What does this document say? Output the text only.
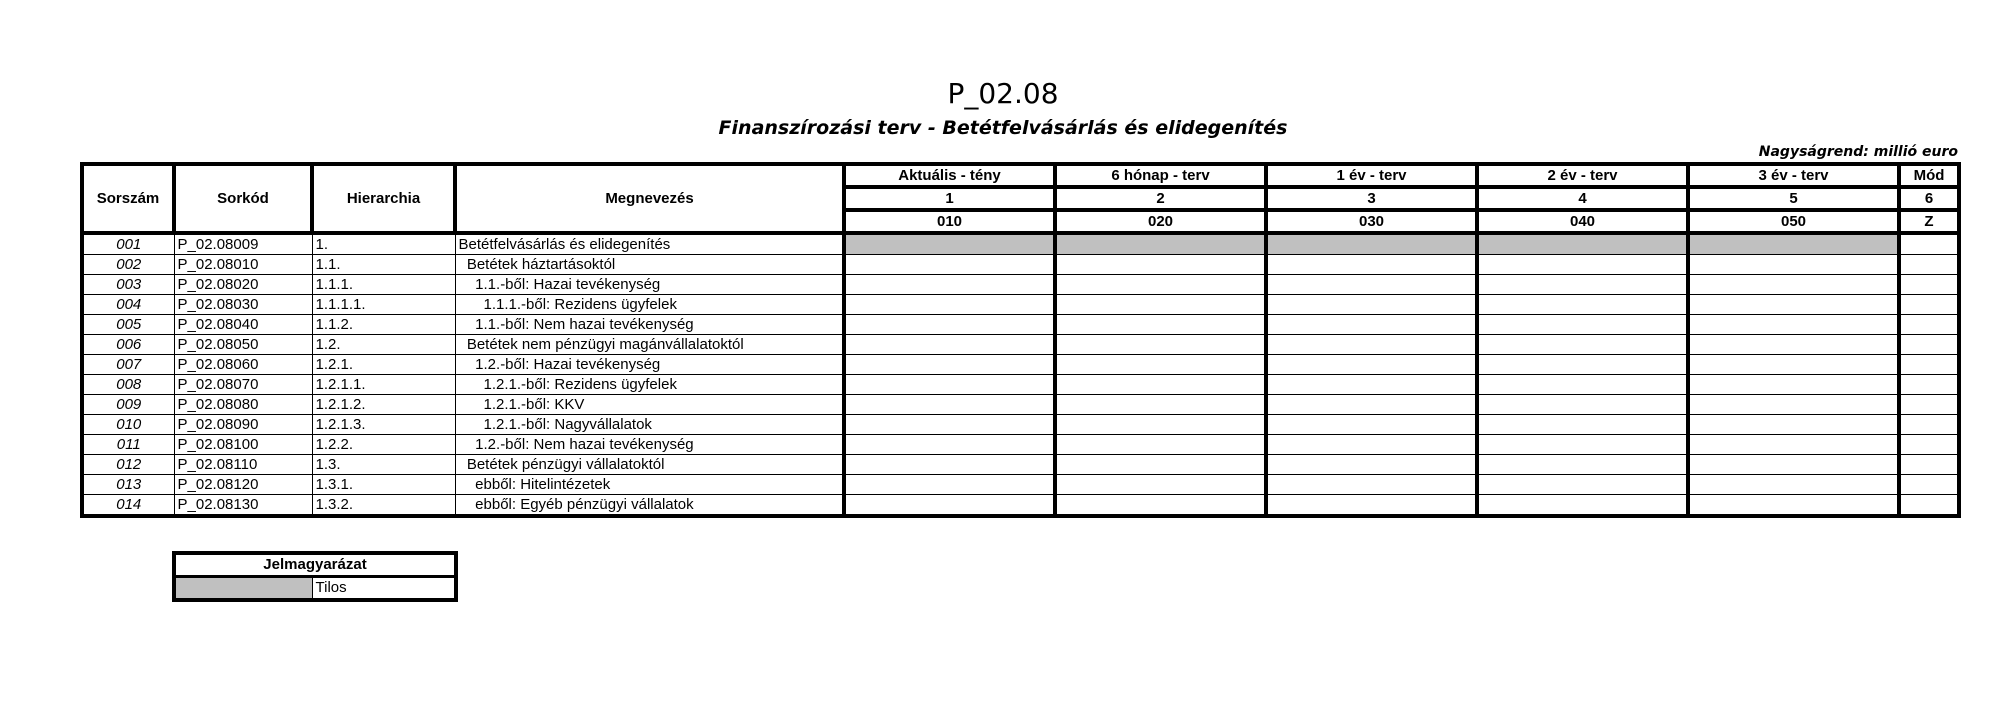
P_02.08
Finanszírozási terv - Betétfelvásárlás és elidegenítés
Nagyságrend: millió euro
Sorszám	Sorkód	Hierarchia	Megnevezés	Aktuális - tény	6 hónap - terv	1 év - terv	2 év - terv	3 év - terv	Mód
				1	2	3	4	5	6
				010	020	030	040	050	Z
001	P_02.08009	1.	Betétfelvásárlás és elidegenítés						
002	P_02.08010	1.1.	Betétek háztartásoktól						
003	P_02.08020	1.1.1.	1.1.-ből: Hazai tevékenység						
004	P_02.08030	1.1.1.1.	1.1.1.-ből: Rezidens ügyfelek						
005	P_02.08040	1.1.2.	1.1.-ből: Nem hazai tevékenység						
006	P_02.08050	1.2.	Betétek nem pénzügyi magánvállalatoktól						
007	P_02.08060	1.2.1.	1.2.-ből: Hazai tevékenység						
008	P_02.08070	1.2.1.1.	1.2.1.-ből: Rezidens ügyfelek						
009	P_02.08080	1.2.1.2.	1.2.1.-ből: KKV						
010	P_02.08090	1.2.1.3.	1.2.1.-ből: Nagyvállalatok						
011	P_02.08100	1.2.2.	1.2.-ből: Nem hazai tevékenység						
012	P_02.08110	1.3.	Betétek pénzügyi vállalatoktól						
013	P_02.08120	1.3.1.	ebből: Hitelintézetek						
014	P_02.08130	1.3.2.	ebből: Egyéb pénzügyi vállalatok						
Jelmagyarázat
	Tilos
